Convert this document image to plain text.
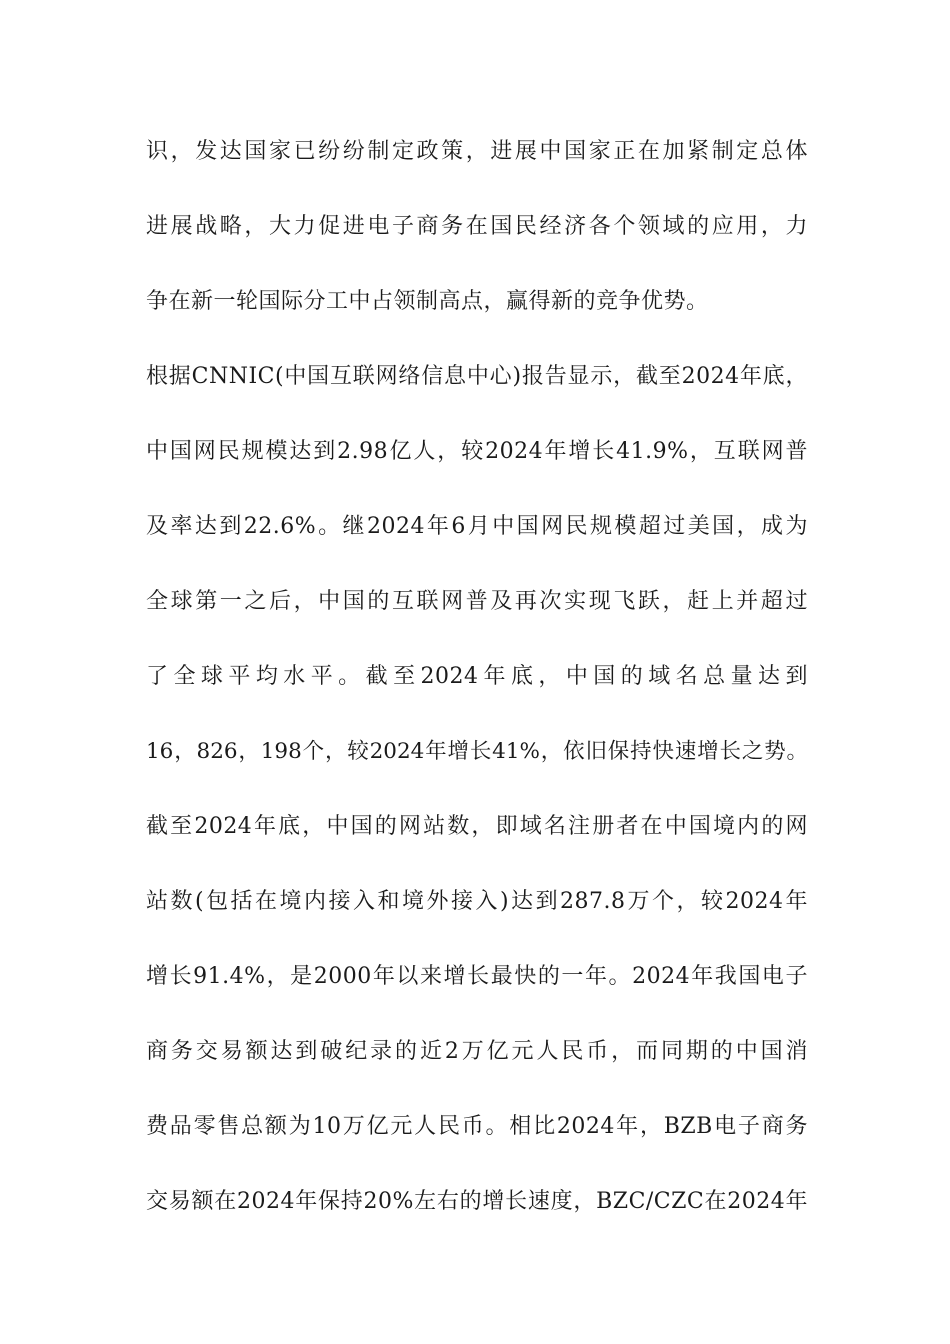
识，发达国家已纷纷制定政策，进展中国家正在加紧制定总体
进展战略，大力促进电子商务在国民经济各个领域的应用，力
争在新一轮国际分工中占领制高点，赢得新的竞争优势。
根据CNNIC(中国互联网络信息中心)报告显示，截至2024年底，
中国网民规模达到2.98亿人，较2024年增长41.9%，互联网普
及率达到22.6%。继2024年6月中国网民规模超过美国，成为
全球第一之后，中国的互联网普及再次实现飞跃，赶上并超过
了全球平均水平。截至2024年底，中国的域名总量达到
16，826，198个，较2024年增长41%，依旧保持快速增长之势。
截至2024年底，中国的网站数，即域名注册者在中国境内的网
站数(包括在境内接入和境外接入)达到287.8万个，较2024年
增长91.4%，是2000年以来增长最快的一年。2024年我国电子
商务交易额达到破纪录的近2万亿元人民币，而同期的中国消
费品零售总额为10万亿元人民币。相比2024年，BZB电子商务
交易额在2024年保持20%左右的增长速度，BZC/CZC在2024年
